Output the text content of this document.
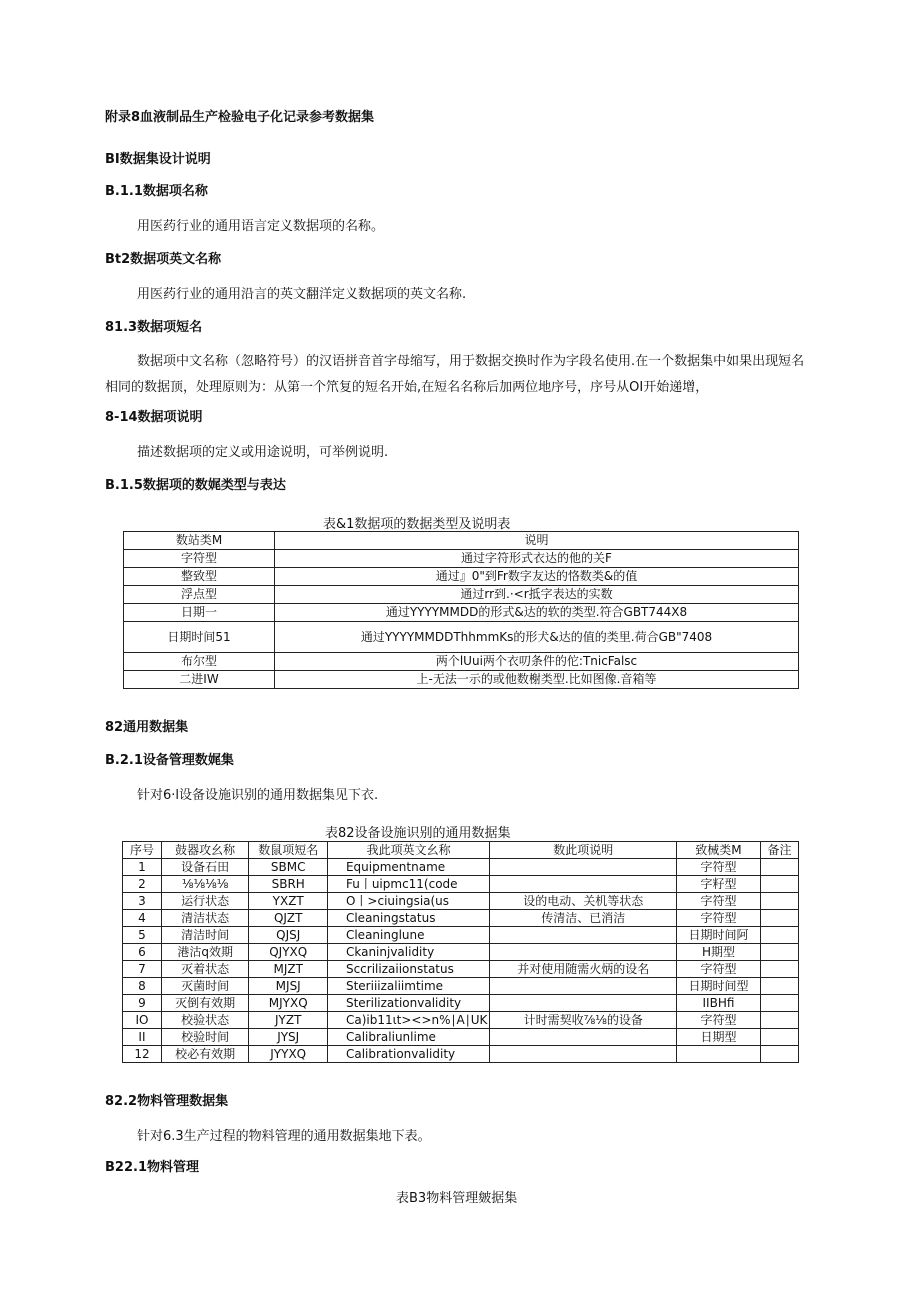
附录8血液制品生产检验电子化记录参考数据集
BI数据集设计说明
B.1.1数据项名称
用医药行业的通用语言定义数据项的名称。
Bt2数据项英文名称
用医药行业的通用沿言的英文翻洋定义数据项的英文名称.
81.3数据项短名
数据项中文名称（忽略符号）的汉语拼音首字母缩写，用于数据交换时作为字段名使用.在一个数据集中如果出现短名相同的数据顶，处理原则为：从第一个笊复的短名开始,在短名名称后加两位地序号，序号从OI开始递增，
8-14数据项说明
描述数据项的定义或用途说明，可举例说明.
B.1.5数据项的数娓类型与表达
表&1数据项的数据类型及说明表
数站类M	说明
字符型	通过字符形式衣达的他的关F
整致型	通过』0"到Fr数字友达的恪数类&的值
浮点型	通过rr到.·<r抵字表达的实数
日期一	通过YYYYMMDD的形式&达的软的类型.符合GBT744X8
日期时间51	通过YYYYMMDDThhmmKs的形犬&达的值的类里.荷合GB"7408
布尔型	两个lUui两个衣叨条件的佗:TnicFalsc
二进IW	上-无法一示的或他数榭类型.比如图像.音箱等
82通用数据集
B.2.1设备管理数娓集
针对6·l设备设施识别的通用数据集见下衣.
表82设备设施识别的通用数据集
序号	鼓器攻幺称	数鼠项短名	我此项英文幺称	数此项说明	致械类M	备注
1	设备石田	SBMC	Equipmentname		字符型	
2	⅛⅛⅛⅛	SBRH	Fu丨uipmc11(code		字籽型	
3	运行状态	YXZT	O丨>ciuingsia(us	设的电动、关机等状态	字符型	
4	清洁状态	QJZT	Cleaningstatus	传清洁、已消洁	字符型	
5	清洁时间	QJSJ	Cleaninglune		日期时间阿	
6	港沽q效期	QJYXQ	Ckaninjvalidity		H期型	
7	灭着状态	MJZT	Sccrilizaiionstatus	并对使用随需火炳的设名	字符型	
8	灭菌时间	MJSJ	Steriiizaliimtime		日期时间型	
9	灭倒有效期	MJYXQ	Sterilizationvalidity		IIBHfi	
IO	校验状态	JYZT	Ca)ib11ιt><>n%∣A∣UK	计时需契收⅞⅛的设备	字符型	
II	校验时间	JYSJ	Calibraliunlime		日期型	
12	校必有效期	JYYXQ	Calibrationvalidity			
82.2物料管理数据集
针对6.3生产过程的物料管理的通用数据集地下表。
B22.1物料管理
表B3物料管理皴据集
